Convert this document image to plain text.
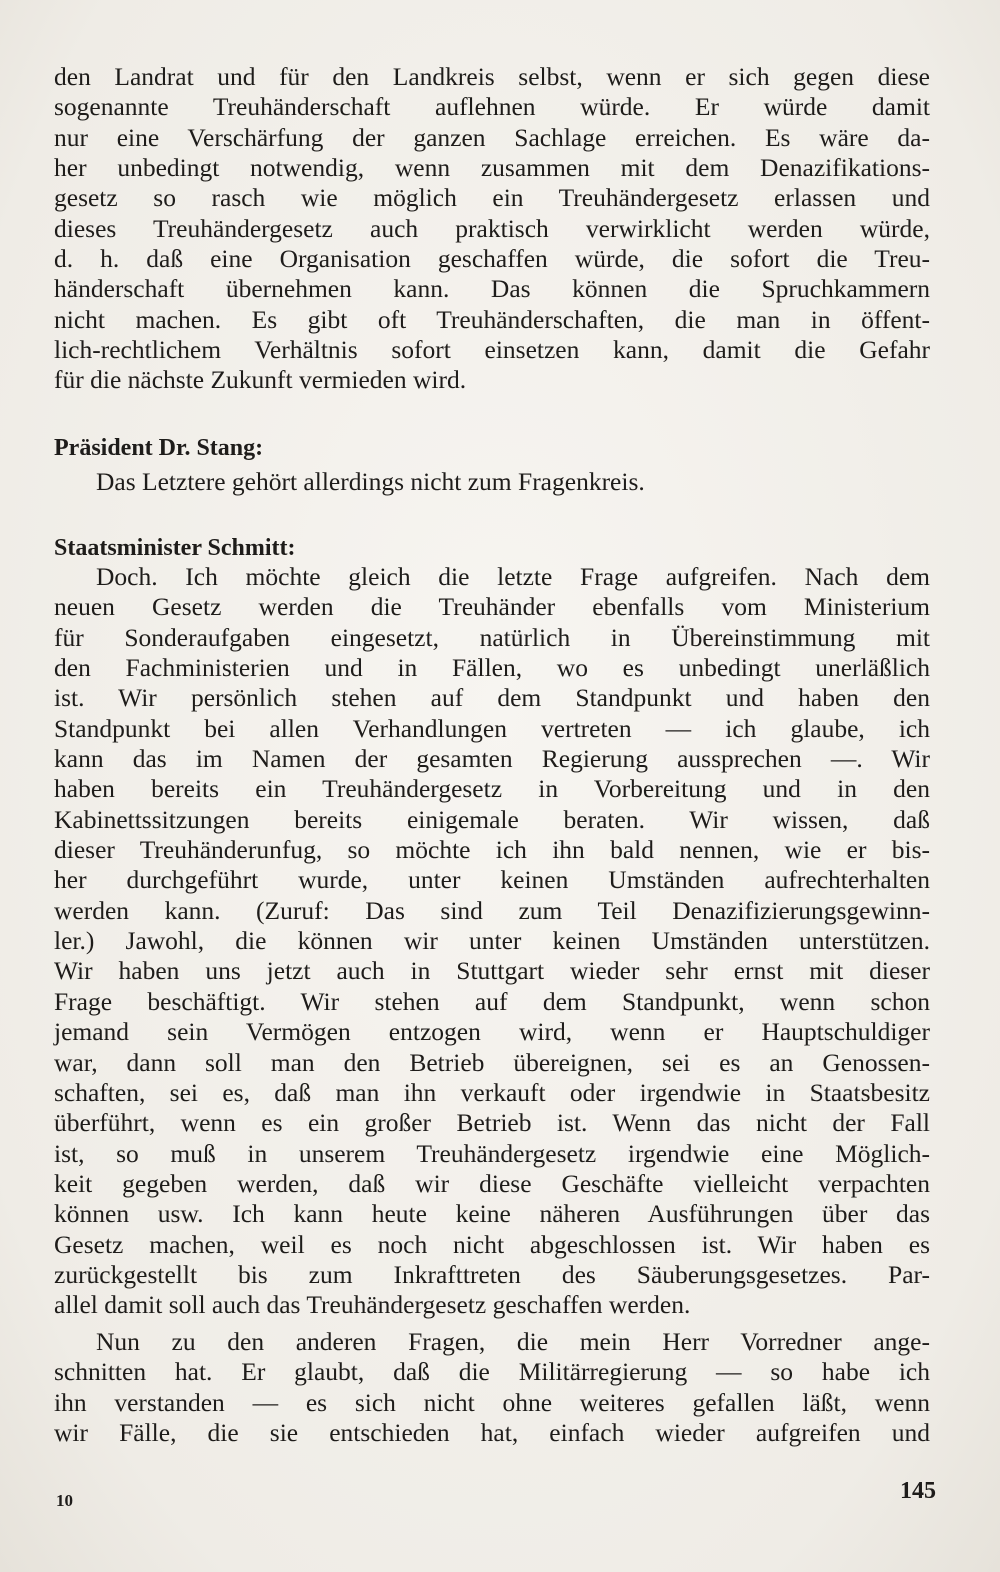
den Landrat und für den Landkreis selbst, wenn er sich gegen diese
sogenannte Treuhänderschaft auflehnen würde. Er würde damit
nur eine Verschärfung der ganzen Sachlage erreichen. Es wäre da-
her unbedingt notwendig, wenn zusammen mit dem Denazifikations-
gesetz so rasch wie möglich ein Treuhändergesetz erlassen und
dieses Treuhändergesetz auch praktisch verwirklicht werden würde,
d. h. daß eine Organisation geschaffen würde, die sofort die Treu-
händerschaft übernehmen kann. Das können die Spruchkammern
nicht machen. Es gibt oft Treuhänderschaften, die man in öffent-
lich-rechtlichem Verhältnis sofort einsetzen kann, damit die Gefahr
für die nächste Zukunft vermieden wird.
Präsident Dr. Stang:
Das Letztere gehört allerdings nicht zum Fragenkreis.
Staatsminister Schmitt:
Doch. Ich möchte gleich die letzte Frage aufgreifen. Nach dem
neuen Gesetz werden die Treuhänder ebenfalls vom Ministerium
für Sonderaufgaben eingesetzt, natürlich in Übereinstimmung mit
den Fachministerien und in Fällen, wo es unbedingt unerläßlich
ist. Wir persönlich stehen auf dem Standpunkt und haben den
Standpunkt bei allen Verhandlungen vertreten — ich glaube, ich
kann das im Namen der gesamten Regierung aussprechen —. Wir
haben bereits ein Treuhändergesetz in Vorbereitung und in den
Kabinettssitzungen bereits einigemale beraten. Wir wissen, daß
dieser Treuhänderunfug, so möchte ich ihn bald nennen, wie er bis-
her durchgeführt wurde, unter keinen Umständen aufrechterhalten
werden kann. (Zuruf: Das sind zum Teil Denazifizierungsgewinn-
ler.) Jawohl, die können wir unter keinen Umständen unterstützen.
Wir haben uns jetzt auch in Stuttgart wieder sehr ernst mit dieser
Frage beschäftigt. Wir stehen auf dem Standpunkt, wenn schon
jemand sein Vermögen entzogen wird, wenn er Hauptschuldiger
war, dann soll man den Betrieb übereignen, sei es an Genossen-
schaften, sei es, daß man ihn verkauft oder irgendwie in Staatsbesitz
überführt, wenn es ein großer Betrieb ist. Wenn das nicht der Fall
ist, so muß in unserem Treuhändergesetz irgendwie eine Möglich-
keit gegeben werden, daß wir diese Geschäfte vielleicht verpachten
können usw. Ich kann heute keine näheren Ausführungen über das
Gesetz machen, weil es noch nicht abgeschlossen ist. Wir haben es
zurückgestellt bis zum Inkrafttreten des Säuberungsgesetzes. Par-
allel damit soll auch das Treuhändergesetz geschaffen werden.
Nun zu den anderen Fragen, die mein Herr Vorredner ange-
schnitten hat. Er glaubt, daß die Militärregierung — so habe ich
ihn verstanden — es sich nicht ohne weiteres gefallen läßt, wenn
wir Fälle, die sie entschieden hat, einfach wieder aufgreifen und
10	145
